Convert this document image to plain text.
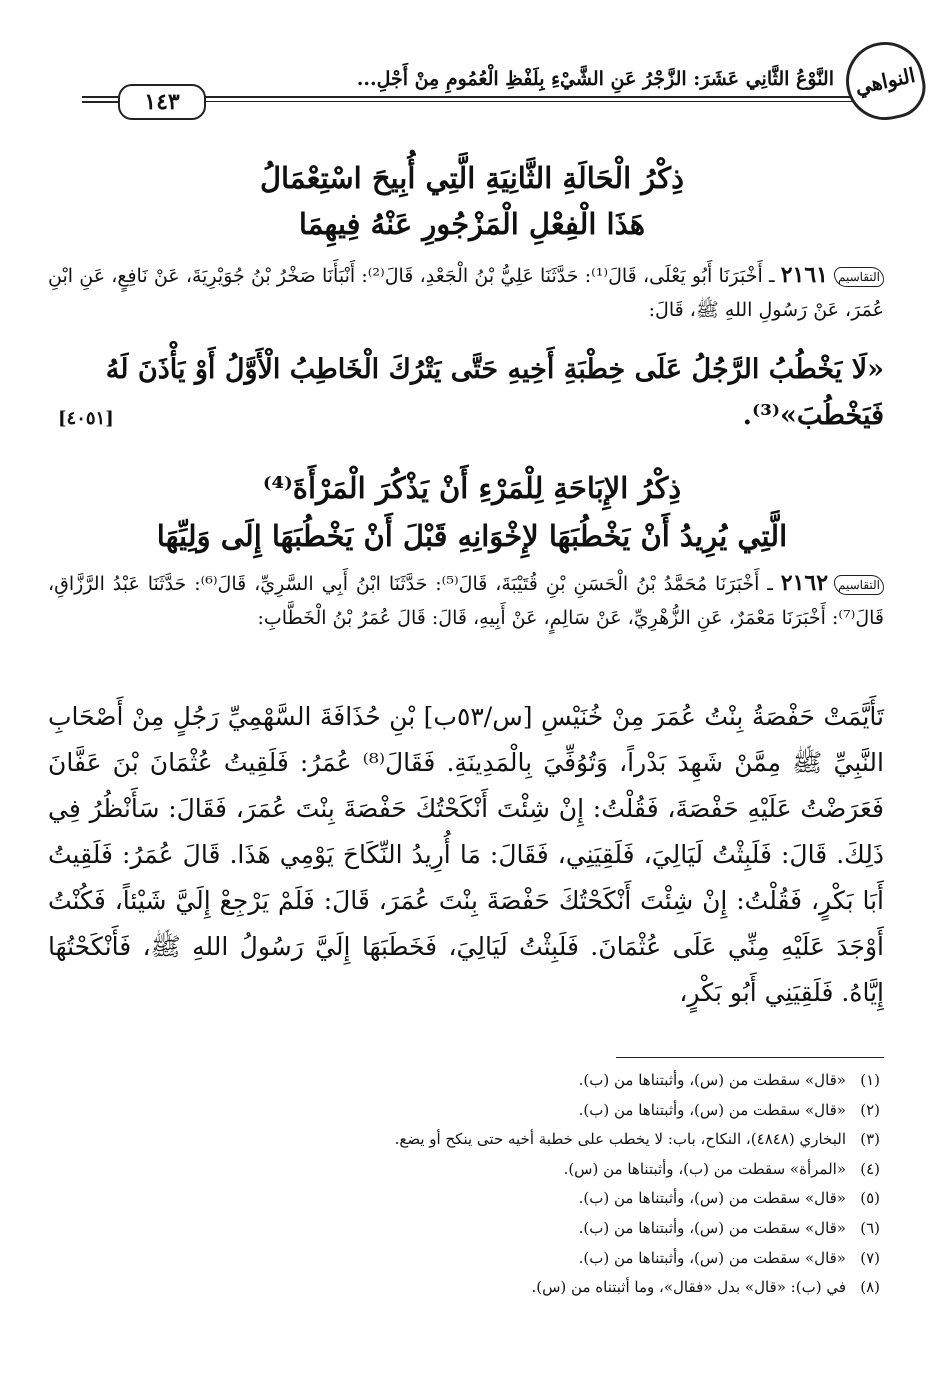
١٤٣
النَّوْعُ الثَّانِي عَشَرَ: الزَّجْرُ عَنِ الشَّيْءِ بِلَفْظِ الْعُمُومِ مِنْ أَجْلِ... النواهي
ذِكْرُ الْحَالَةِ الثَّانِيَةِ الَّتِي أُبِيحَ اسْتِعْمَالُ
هَذَا الْفِعْلِ الْمَزْجُورِ عَنْهُ فِيهِمَا
التقاسيم٢١٦١ ـ أَخْبَرَنَا أَبُو يَعْلَى، قَالَ⁽¹⁾: حَدَّثَنَا عَلِيُّ بْنُ الْجَعْدِ، قَالَ⁽²⁾: أَنْبَأَنَا صَخْرُ بْنُ جُوَيْرِيَةَ، عَنْ نَافِعٍ، عَنِ ابْنِ عُمَرَ، عَنْ رَسُولِ اللهِ ﷺ، قَالَ:
«لَا يَخْطُبُ الرَّجُلُ عَلَى خِطْبَةِ أَخِيهِ حَتَّى يَتْرُكَ الْخَاطِبُ الْأَوَّلُ أَوْ يَأْذَنَ لَهُ
فَيَخْطُبَ»⁽³⁾.
[٤٠٥١]
ذِكْرُ الإِبَاحَةِ لِلْمَرْءِ أَنْ يَذْكُرَ الْمَرْأَةَ⁽⁴⁾
الَّتِي يُرِيدُ أَنْ يَخْطُبَهَا لإِخْوَانِهِ قَبْلَ أَنْ يَخْطُبَهَا إِلَى وَلِيِّهَا
التقاسيم٢١٦٢ ـ أَخْبَرَنَا مُحَمَّدُ بْنُ الْحَسَنِ بْنِ قُتَيْبَةَ، قَالَ⁽⁵⁾: حَدَّثَنَا ابْنُ أَبِي السَّرِيِّ، قَالَ⁽⁶⁾: حَدَّثَنَا عَبْدُ الرَّزَّاقِ، قَالَ⁽⁷⁾: أَخْبَرَنَا مَعْمَرٌ، عَنِ الزُّهْرِيِّ، عَنْ سَالِمٍ، عَنْ أَبِيهِ، قَالَ: قَالَ عُمَرُ بْنُ الْخَطَّابِ:
تَأَيَّمَتْ حَفْصَةُ بِنْتُ عُمَرَ مِنْ خُنَيْسِ [س/٥٣ب] بْنِ حُذَافَةَ السَّهْمِيِّ رَجُلٍ مِنْ أَصْحَابِ النَّبِيِّ ﷺ مِمَّنْ شَهِدَ بَدْراً، وَتُوُفِّيَ بِالْمَدِينَةِ. فَقَالَ⁽⁸⁾ عُمَرُ: فَلَقِيتُ عُثْمَانَ بْنَ عَفَّانَ فَعَرَضْتُ عَلَيْهِ حَفْصَةَ، فَقُلْتُ: إِنْ شِئْتَ أَنْكَحْتُكَ حَفْصَةَ بِنْتَ عُمَرَ، فَقَالَ: سَأَنْظُرُ فِي ذَلِكَ. قَالَ: فَلَبِثْتُ لَيَالِيَ، فَلَقِيَنِي، فَقَالَ: مَا أُرِيدُ النِّكَاحَ يَوْمِي هَذَا. قَالَ عُمَرُ: فَلَقِيتُ أَبَا بَكْرٍ، فَقُلْتُ: إِنْ شِئْتَ أَنْكَحْتُكَ حَفْصَةَ بِنْتَ عُمَرَ، قَالَ: فَلَمْ يَرْجِعْ إِلَيَّ شَيْئاً، فَكُنْتُ أَوْجَدَ عَلَيْهِ مِنِّي عَلَى عُثْمَانَ. فَلَبِثْتُ لَيَالِيَ، فَخَطَبَهَا إِلَيَّ رَسُولُ اللهِ ﷺ، فَأَنْكَحْتُهَا إِيَّاهُ. فَلَقِيَنِي أَبُو بَكْرٍ،
(١)«قال» سقطت من (س)، وأثبتناها من (ب).
(٢)«قال» سقطت من (س)، وأثبتناها من (ب).
(٣)البخاري (٤٨٤٨)، النكاح، باب: لا يخطب على خطبة أخيه حتى ينكح أو يضع.
(٤)«المرأة» سقطت من (ب)، وأثبتناها من (س).
(٥)«قال» سقطت من (س)، وأثبتناها من (ب).
(٦)«قال» سقطت من (س)، وأثبتناها من (ب).
(٧)«قال» سقطت من (س)، وأثبتناها من (ب).
(٨)في (ب): «قال» بدل «فقال»، وما أثبتناه من (س).
